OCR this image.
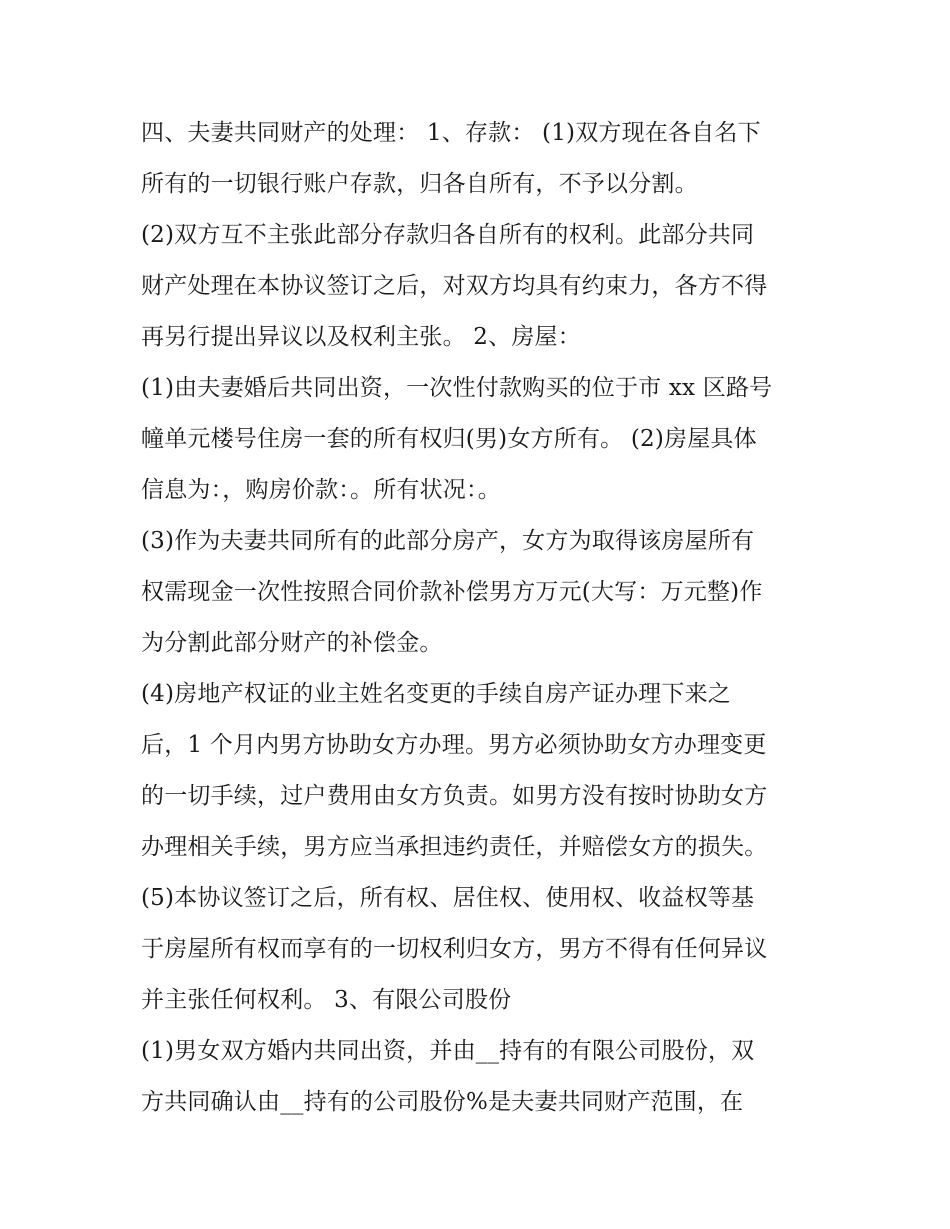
四、夫妻共同财产的处理： 1、存款： (1)双方现在各自名下
所有的一切银行账户存款，归各自所有，不予以分割。
(2)双方互不主张此部分存款归各自所有的权利。此部分共同
财产处理在本协议签订之后，对双方均具有约束力，各方不得
再另行提出异议以及权利主张。 2、房屋：
(1)由夫妻婚后共同出资，一次性付款购买的位于市 xx 区路号
幢单元楼号住房一套的所有权归(男)女方所有。 (2)房屋具体
信息为：，购房价款：。所有状况：。
(3)作为夫妻共同所有的此部分房产，女方为取得该房屋所有
权需现金一次性按照合同价款补偿男方万元(大写：万元整)作
为分割此部分财产的补偿金。
(4)房地产权证的业主姓名变更的手续自房产证办理下来之
后，1 个月内男方协助女方办理。男方必须协助女方办理变更
的一切手续，过户费用由女方负责。如男方没有按时协助女方
办理相关手续，男方应当承担违约责任，并赔偿女方的损失。
(5)本协议签订之后，所有权、居住权、使用权、收益权等基
于房屋所有权而享有的一切权利归女方，男方不得有任何异议
并主张任何权利。 3、有限公司股份
(1)男女双方婚内共同出资，并由__持有的有限公司股份，双
方共同确认由__持有的公司股份%是夫妻共同财产范围，在
